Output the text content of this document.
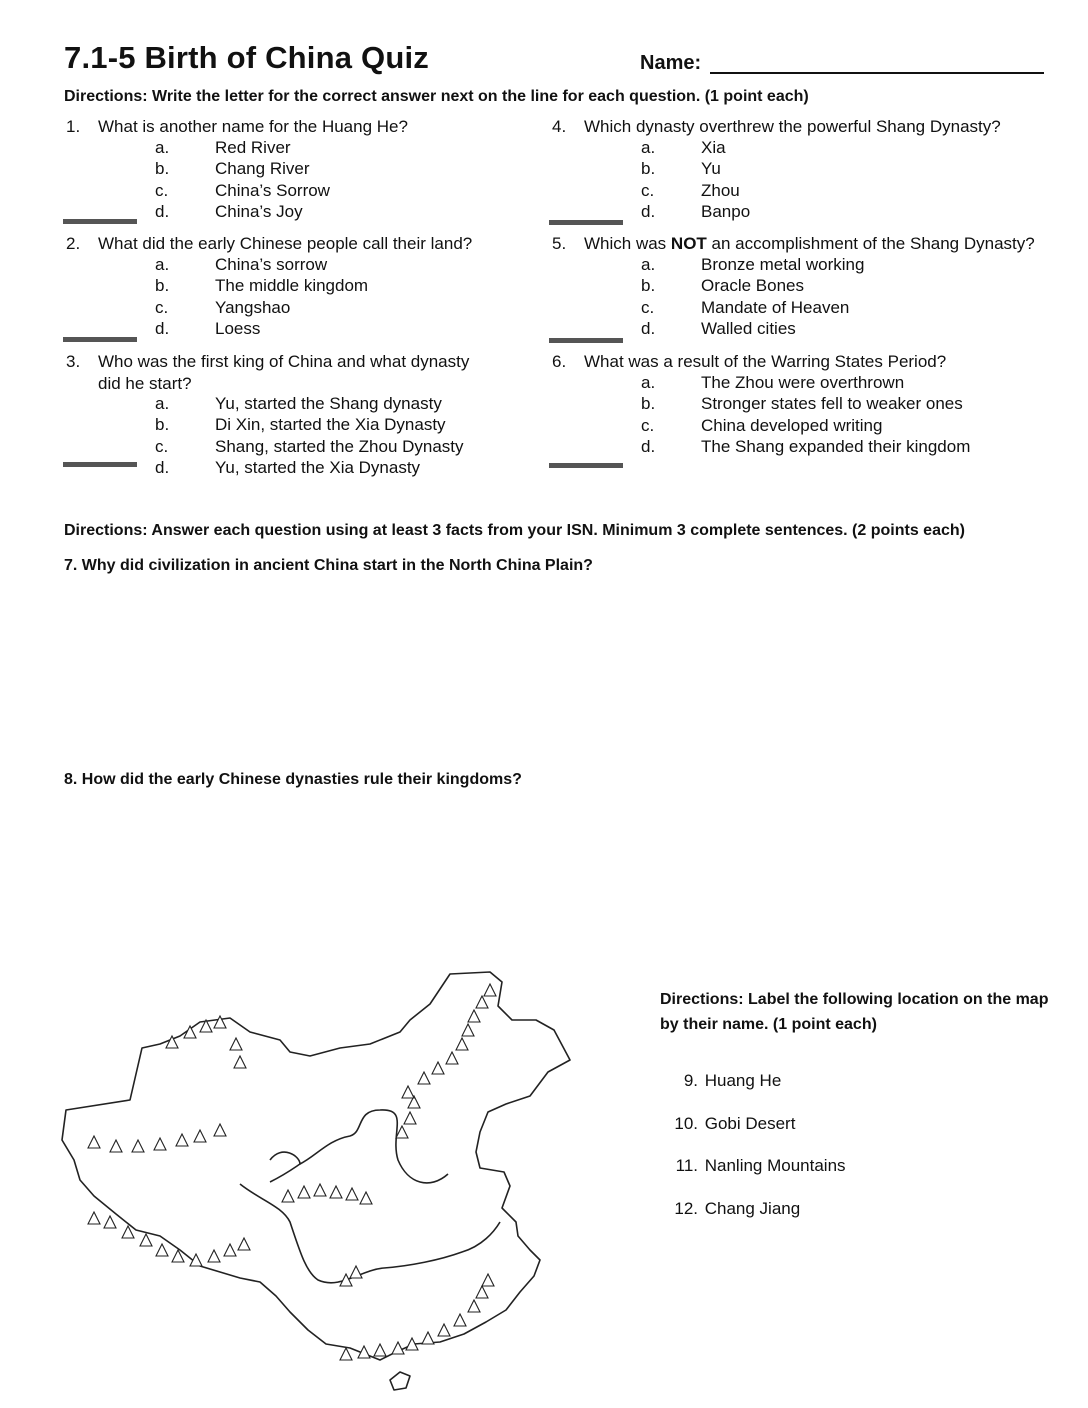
7.1-5 Birth of China Quiz	Name:
Directions: Write the letter for the correct answer next on the line for each question. (1 point each)
1. What is another name for the Huang He?
a.	Red River
b.	Chang River
c.	China’s Sorrow
d.	China’s Joy
2. What did the early Chinese people call their land?
a.	China’s sorrow
b.	The middle kingdom
c.	Yangshao
d.	Loess
3. Who was the first king of China and what dynasty
did he start?
a.	Yu, started the Shang dynasty
b.	Di Xin, started the Xia Dynasty
c.	Shang, started the Zhou Dynasty
d.	Yu, started the Xia Dynasty
4. Which dynasty overthrew the powerful Shang Dynasty?
a.	Xia
b.	Yu
c.	Zhou
d.	Banpo
5. Which was NOT an accomplishment of the Shang Dynasty?
a.	Bronze metal working
b.	Oracle Bones
c.	Mandate of Heaven
d.	Walled cities
6. What was a result of the Warring States Period?
a.	The Zhou were overthrown
b.	Stronger states fell to weaker ones
c.	China developed writing
d.	The Shang expanded their kingdom
Directions: Answer each question using at least 3 facts from your ISN. Minimum 3 complete sentences. (2 points each)
7. Why did civilization in ancient China start in the North China Plain?
8. How did the early Chinese dynasties rule their kingdoms?
Directions: Label the following location on the map by their name. (1 point each)
9. Huang He
10. Gobi Desert
11. Nanling Mountains
12. Chang Jiang
